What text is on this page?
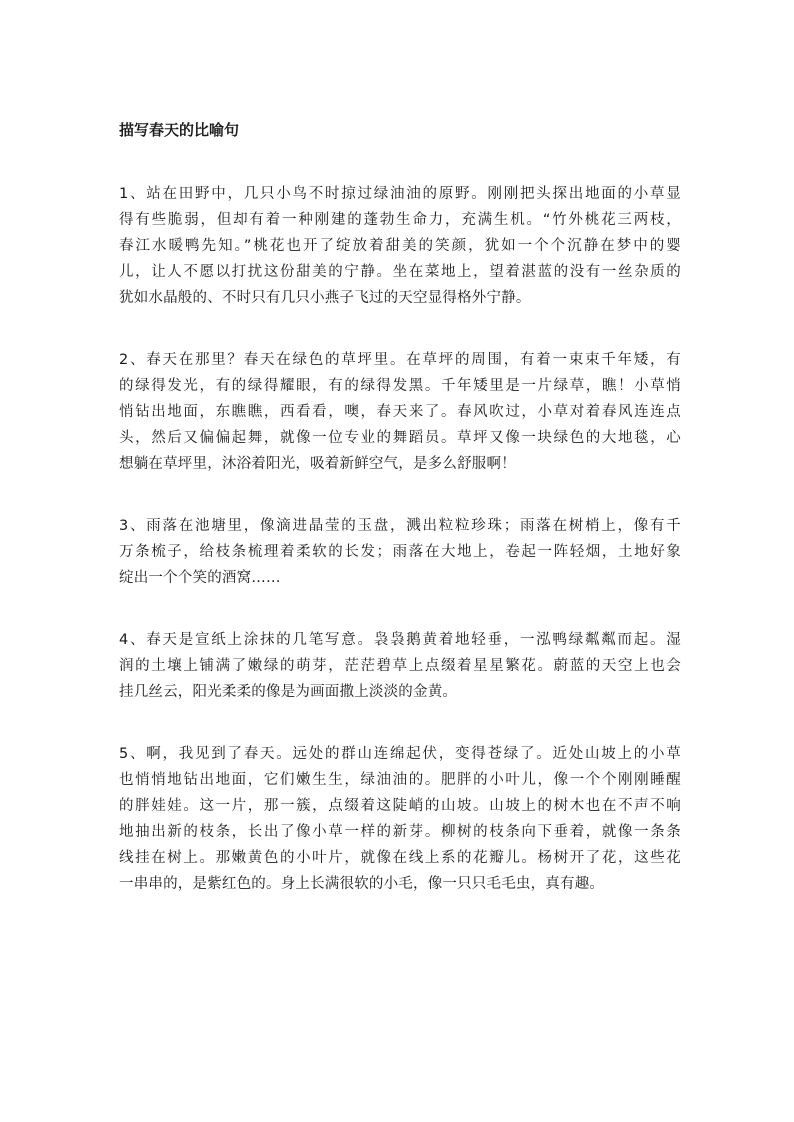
描写春天的比喻句

1、站在田野中，几只小鸟不时掠过绿油油的原野。刚刚把头探出地面的小草显
得有些脆弱，但却有着一种刚建的蓬勃生命力，充满生机。“竹外桃花三两枝，
春江水暖鸭先知。”桃花也开了绽放着甜美的笑颜，犹如一个个沉静在梦中的婴
儿，让人不愿以打扰这份甜美的宁静。坐在菜地上，望着湛蓝的没有一丝杂质的
犹如水晶般的、不时只有几只小燕子飞过的天空显得格外宁静。

2、春天在那里？春天在绿色的草坪里。在草坪的周围，有着一束束千年矮，有
的绿得发光，有的绿得耀眼，有的绿得发黑。千年矮里是一片绿草，瞧！小草悄
悄钻出地面，东瞧瞧，西看看，噢，春天来了。春风吹过，小草对着春风连连点
头，然后又偏偏起舞，就像一位专业的舞蹈员。草坪又像一块绿色的大地毯，心
想躺在草坪里，沐浴着阳光，吸着新鲜空气，是多么舒服啊！

3、雨落在池塘里，像滴进晶莹的玉盘，溅出粒粒珍珠；雨落在树梢上，像有千
万条梳子，给枝条梳理着柔软的长发；雨落在大地上，卷起一阵轻烟，土地好象
绽出一个个笑的酒窝……

4、春天是宣纸上涂抹的几笔写意。袅袅鹅黄着地轻垂，一泓鸭绿粼粼而起。湿
润的土壤上铺满了嫩绿的萌芽，茫茫碧草上点缀着星星繁花。蔚蓝的天空上也会
挂几丝云，阳光柔柔的像是为画面撒上淡淡的金黄。

5、啊，我见到了春天。远处的群山连绵起伏，变得苍绿了。近处山坡上的小草
也悄悄地钻出地面，它们嫩生生，绿油油的。肥胖的小叶儿，像一个个刚刚睡醒
的胖娃娃。这一片，那一簇，点缀着这陡峭的山坡。山坡上的树木也在不声不响
地抽出新的枝条，长出了像小草一样的新芽。柳树的枝条向下垂着，就像一条条
线挂在树上。那嫩黄色的小叶片，就像在线上系的花瓣儿。杨树开了花，这些花
一串串的，是紫红色的。身上长满很软的小毛，像一只只毛毛虫，真有趣。
